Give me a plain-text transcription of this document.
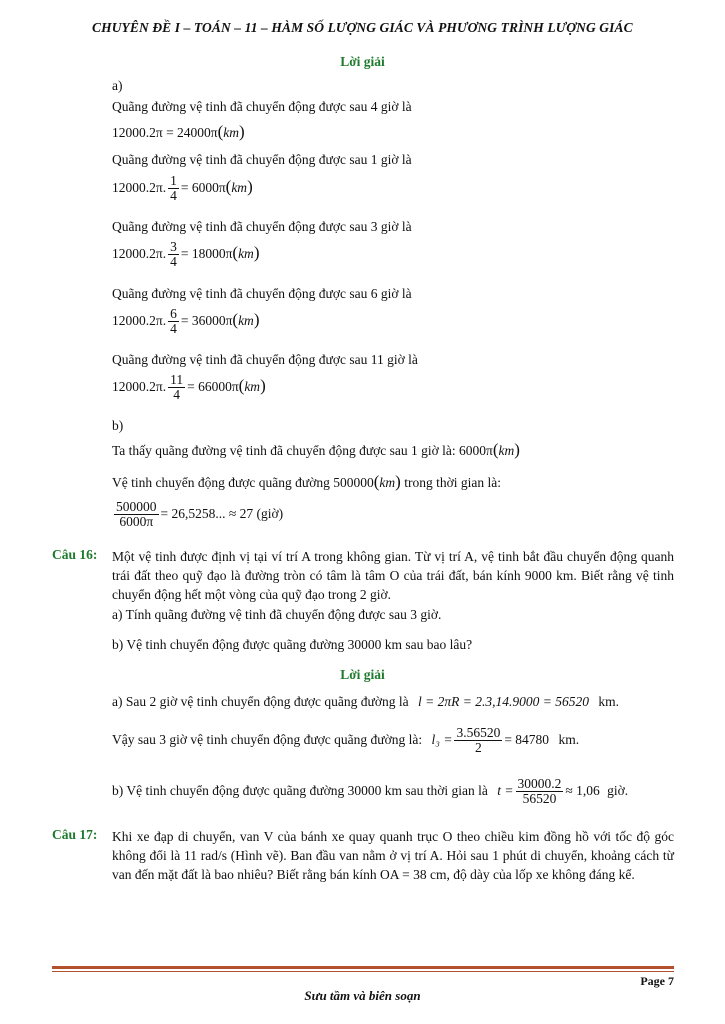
CHUYÊN ĐỀ I – TOÁN – 11 – HÀM SỐ LƯỢNG GIÁC VÀ PHƯƠNG TRÌNH LƯỢNG GIÁC
Lời giải
a)
Quãng đường vệ tinh đã chuyển động được sau 4 giờ là
12000.2π = 24000π(km)
Quãng đường vệ tinh đã chuyển động được sau 1 giờ là
12000.2π. $\frac{1}{4} = 6000\pi(km)$
Quãng đường vệ tinh đã chuyển động được sau 3 giờ là
12000.2π. $\frac{3}{4} = 18000\pi(km)$
Quãng đường vệ tinh đã chuyển động được sau 6 giờ là
12000.2π. $\frac{6}{4} = 36000\pi(km)$
Quãng đường vệ tinh đã chuyển động được sau 11 giờ là
12000.2π. $\frac{11}{4} = 66000\pi(km)$
b)
Ta thấy quãng đường vệ tinh đã chuyển động được sau 1 giờ là: 6000π(km)
Vệ tinh chuyển động được quãng đường 500000(km) trong thời gian là:
$\frac{500000}{6000\pi} = 26,5258$... ≈ 27 (giờ)
Câu 16: Một vệ tinh được định vị tại ví trí A trong không gian. Từ vị trí A, vệ tinh bắt đầu chuyển động quanh trái đất theo quỹ đạo là đường tròn có tâm là tâm O của trái đất, bán kính 9000 km. Biết rằng vệ tinh chuyển động hết một vòng của quỹ đạo trong 2 giờ.
a) Tính quãng đường vệ tinh đã chuyển động được sau 3 giờ.
b) Vệ tinh chuyển động được quãng đường 30000 km sau bao lâu?
Lời giải
a) Sau 2 giờ vệ tinh chuyển động được quãng đường là l = 2πR = 2.3,14.9000 = 56520 km.
Vậy sau 3 giờ vệ tinh chuyển động được quãng đường là: $l_3 = \frac{3.56520}{2} = 84780$ km.
b) Vệ tinh chuyển động được quãng đường 30000 km sau thời gian là $t = \frac{30000.2}{56520} \approx 1,06$ giờ.
Câu 17: Khi xe đạp di chuyển, van V của bánh xe quay quanh trục O theo chiều kim đồng hồ với tốc độ góc không đổi là 11 rad/s (Hình vẽ). Ban đầu van nằm ở vị trí A. Hỏi sau 1 phút di chuyển, khoảng cách từ van đến mặt đất là bao nhiêu? Biết rằng bán kính OA = 38 cm, độ dày của lốp xe không đáng kể.
Page 7
Sưu tầm và biên soạn
